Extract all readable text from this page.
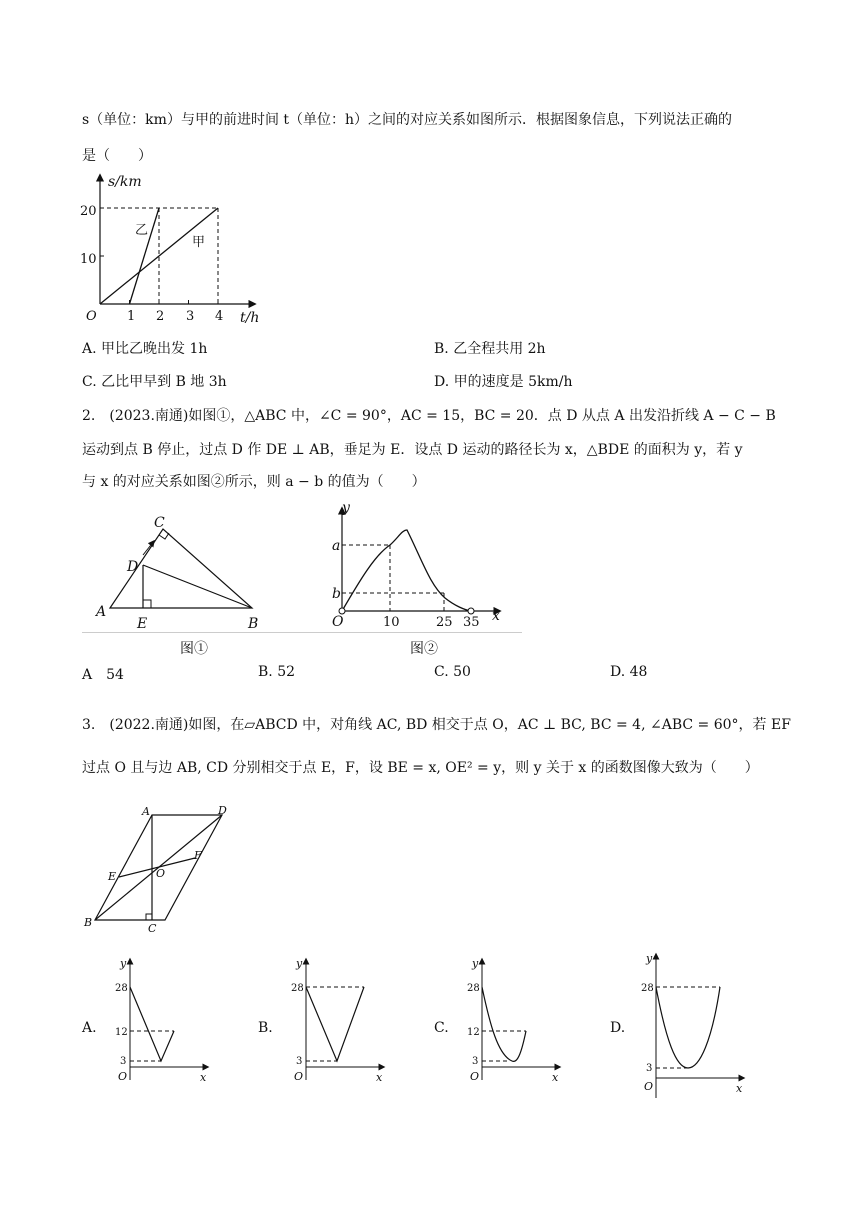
s（单位：km）与甲的前进时间 t（单位：h）之间的对应关系如图所示．根据图象信息，下列说法正确的
是（　　）
s/km
t/h
O
10
20
1 2 3 4
乙
甲
A. 甲比乙晚出发 1h	B. 乙全程共用 2h
C. 乙比甲早到 B 地 3h	D. 甲的速度是 5km/h
2.　(2023.南通)如图①，△ABC 中，∠C = 90°，AC = 15，BC = 20．点 D 从点 A 出发沿折线 A − C − B
运动到点 B 停止，过点 D 作 DE ⊥ AB，垂足为 E．设点 D 运动的路径长为 x，△BDE 的面积为 y，若 y
与 x 的对应关系如图②所示，则 a − b 的值为（　　）
A
B
C
D
E
图①
y
x
O
a
b
10	25 35
图②
A　54	B. 52	C. 50	D. 48
3.　(2022.南通)如图，在▱ABCD 中，对角线 AC, BD 相交于点 O，AC ⊥ BC, BC = 4, ∠ABC = 60°，若 EF
过点 O 且与边 AB, CD 分别相交于点 E，F，设 BE = x, OE² = y，则 y 关于 x 的函数图像大致为（　　）
A	D
B	C
E
F
O
A.
y
x
O
28
12
3
B.
y
x
O
28
3
C.
y
x
O
28
12
3
D.
y
x
O
28
3
